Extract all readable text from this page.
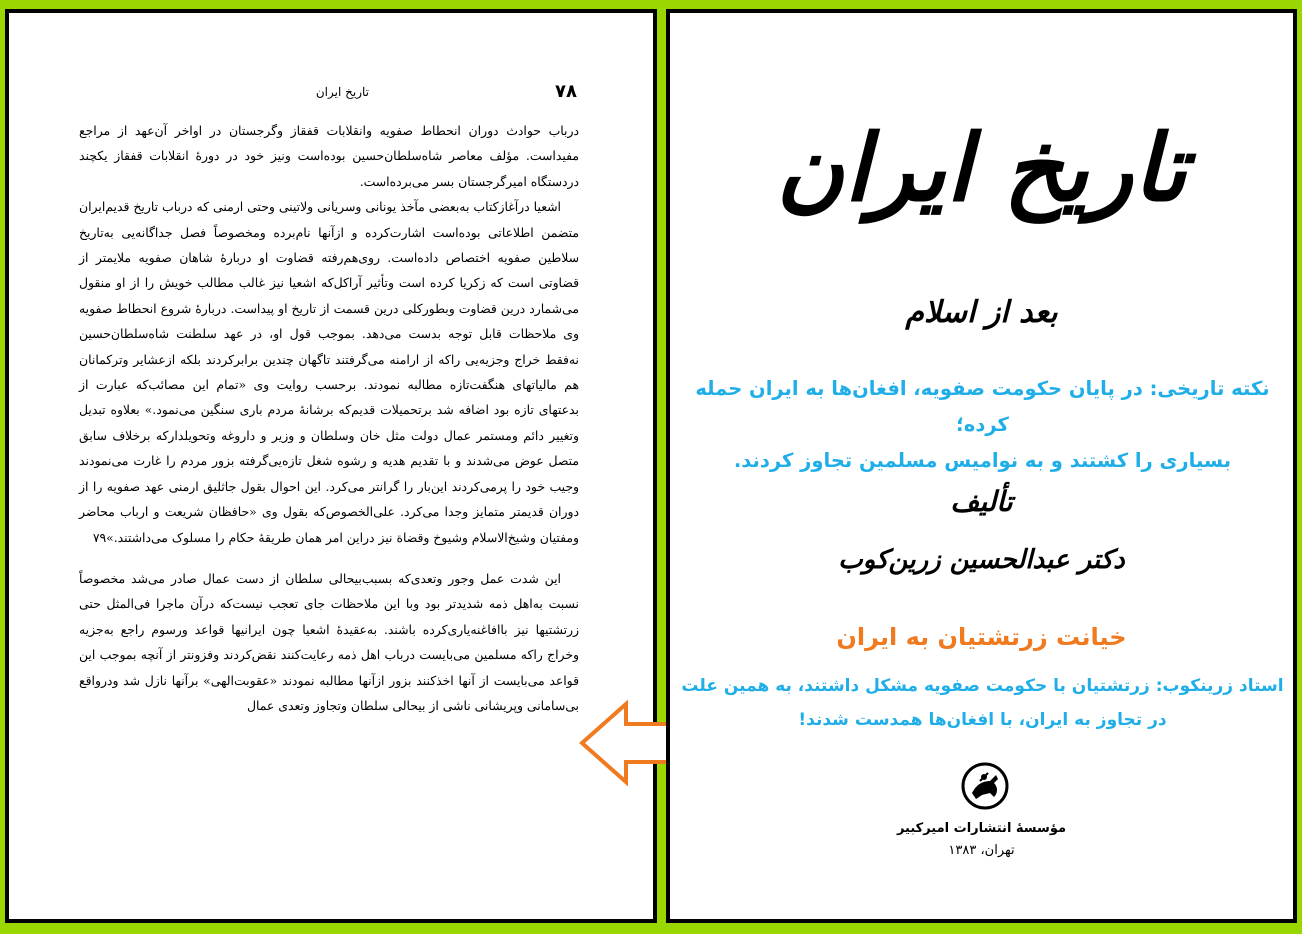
تاریخ ایران	۷۸

درباب حوادث دوران انحطاط صفویه وانقلابات قفقاز وگرجستان در اواخر آن‌عهد از مراجع مفیداست. مؤلف معاصر شاه‌سلطان‌حسین بوده‌است ونیز خود در دورهٔ انقلابات قفقاز یکچند دردستگاه امیرگرجستان بسر می‌برده‌است.

اشعیا درآغازکتاب به‌بعضی مآخذ یونانی وسریانی ولاتینی وحتی ارمنی که درباب تاریخ قدیم‌ایران متضمن اطلاعاتی بوده‌است اشارت‌کرده و ازآنها نام‌برده ومخصوصاً فصل جداگانه‌یی به‌تاریخ سلاطین صفویه اختصاص داده‌است. روی‌هم‌رفته قضاوت او دربارهٔ شاهان صفویه ملایمتر از قضاوتی است که زکریا کرده است وتأثیر آراکل‌که اشعیا نیز غالب مطالب خویش را از او منقول می‌شمارد درین قضاوت وبطورکلی درین قسمت از تاریخ او پیداست. دربارهٔ شروع انحطاط صفویه وی ملاحظات قابل توجه بدست می‌دهد. بموجب قول او، در عهد سلطنت شاه‌سلطان‌حسین نه‌فقط خراج وجزیه‌یی راکه از ارامنه می‌گرفتند تاگهان چندین برابرکردند بلکه ازعشایر وترکمانان هم مالیاتهای هنگفت‌تازه مطالبه نمودند. برحسب روایت وی «تمام این مصائب‌که عبارت از بدعتهای تازه بود اضافه شد برتحمیلات قدیم‌که برشانهٔ مردم باری سنگین می‌نمود.» بعلاوه تبدیل وتغییر دائم ومستمر عمال دولت مثل خان وسلطان و وزیر و داروغه وتحویلدارکه برخلاف سابق متصل عوض می‌شدند و با تقدیم هدیه و رشوه شغل تازه‌یی‌گرفته بزور مردم را غارت می‌نمودند وجیب خود را پرمی‌کردند این‌بار را گرانتر می‌کرد. این احوال بقول جاثلیق ارمنی عهد صفویه را از دوران قدیمتر متمایز وجدا می‌کرد. علی‌الخصوص‌که بقول وی «حافظان شریعت و ارباب محاضر ومفتیان وشیخ‌الاسلام وشیوخ وقضاة نیز دراین امر همان طریقهٔ حکام را مسلوک می‌داشتند.»۷۹

این شدت عمل وجور وتعدی‌که بسبب‌بیحالی سلطان از دست عمال صادر می‌شد مخصوصاً نسبت به‌اهل ذمه شدیدتر بود وبا این ملاحظات جای تعجب نیست‌که درآن ماجرا فی‌المثل حتی زرتشتیها نیز باافاغنه‌یاری‌کرده باشند. به‌عقیدهٔ اشعیا چون ایرانیها قواعد ورسوم راجع به‌جزیه وخراج راکه مسلمین می‌بایست درباب اهل ذمه رعایت‌کنند نقض‌کردند وفزونتر از آنچه بموجب این قواعد می‌بایست از آنها اخذکنند بزور ازآنها مطالبه نمودند «عقوبت‌الهی» برآنها نازل شد ودرواقع بی‌سامانی وپریشانی ناشی از بیحالی سلطان وتجاوز وتعدی عمال

تاریخ ایران
بعد از اسلام
نکته تاریخی: در پایان حکومت صفویه، افغان‌ها به ایران حمله کرده؛
بسیاری را کشتند و به نوامیس مسلمین تجاوز کردند.
تألیف
دکتر عبدالحسین زرین‌کوب
خیانت زرتشتیان به ایران
استاد زرینکوب: زرتشتیان با حکومت صفویه مشکل داشتند، به همین علت
در تجاوز به ایران، با افغان‌ها همدست شدند!
مؤسسهٔ انتشارات امیرکبیر
تهران، ۱۳۸۳
